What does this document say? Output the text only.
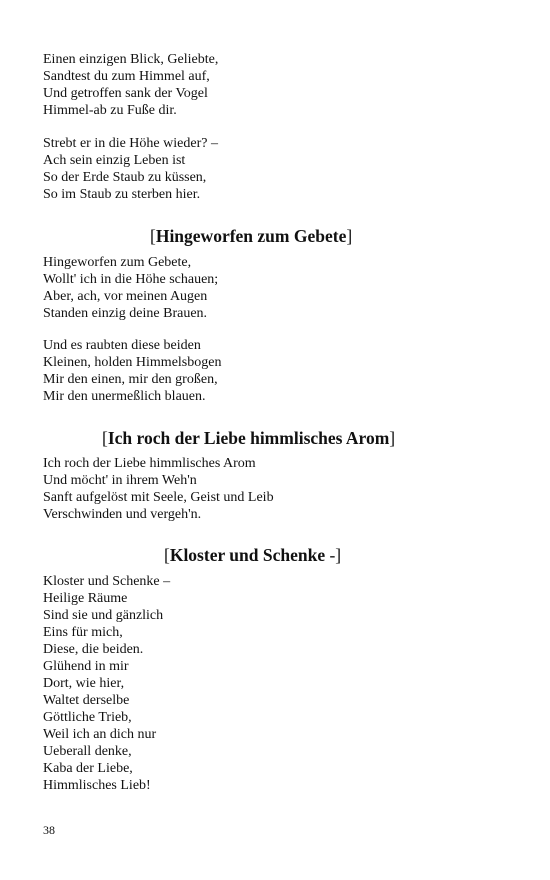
Einen einzigen Blick, Geliebte,
Sandtest du zum Himmel auf,
Und getroffen sank der Vogel
Himmel-ab zu Fuße dir.
Strebt er in die Höhe wieder? –
Ach sein einzig Leben ist
So der Erde Staub zu küssen,
So im Staub zu sterben hier.
[Hingeworfen zum Gebete]
Hingeworfen zum Gebete,
Wollt' ich in die Höhe schauen;
Aber, ach, vor meinen Augen
Standen einzig deine Brauen.
Und es raubten diese beiden
Kleinen, holden Himmelsbogen
Mir den einen, mir den großen,
Mir den unermeßlich blauen.
[Ich roch der Liebe himmlisches Arom]
Ich roch der Liebe himmlisches Arom
Und möcht' in ihrem Weh'n
Sanft aufgelöst mit Seele, Geist und Leib
Verschwinden und vergeh'n.
[Kloster und Schenke -]
Kloster und Schenke –
Heilige Räume
Sind sie und gänzlich
Eins für mich,
Diese, die beiden.
Glühend in mir
Dort, wie hier,
Waltet derselbe
Göttliche Trieb,
Weil ich an dich nur
Ueberall denke,
Kaba der Liebe,
Himmlisches Lieb!
38
